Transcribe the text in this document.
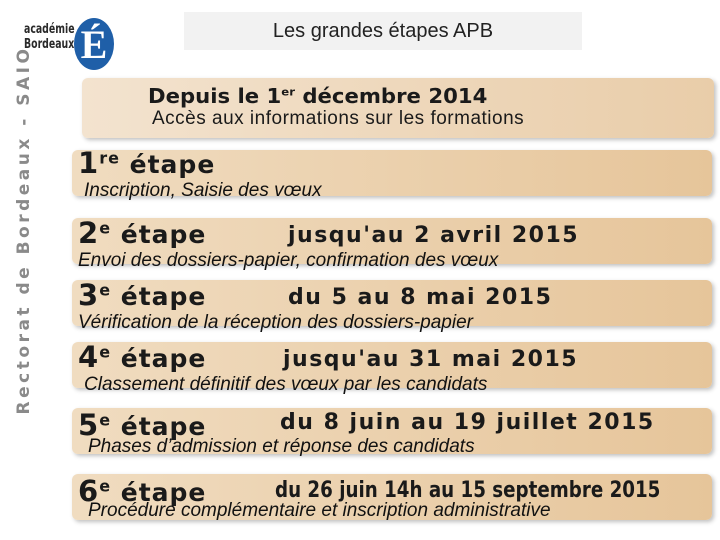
académie
Bordeaux É
Rectorat de Bordeaux - SAIO
Les grandes étapes APB
Depuis le 1er décembre 2014
Accès aux informations sur les formations
1re étape
Inscription, Saisie des vœux
2e étape	jusqu'au 2 avril 2015
Envoi des dossiers-papier, confirmation des vœux
3e étape	du 5 au 8 mai 2015
Vérification de la réception des dossiers-papier
4e étape	jusqu'au 31 mai 2015
Classement définitif des vœux par les candidats
5e étape	du 8 juin au 19 juillet 2015
Phases d’admission et réponse des candidats
6e étape	du 26 juin 14h au 15 septembre 2015
Procédure complémentaire et inscription administrative
